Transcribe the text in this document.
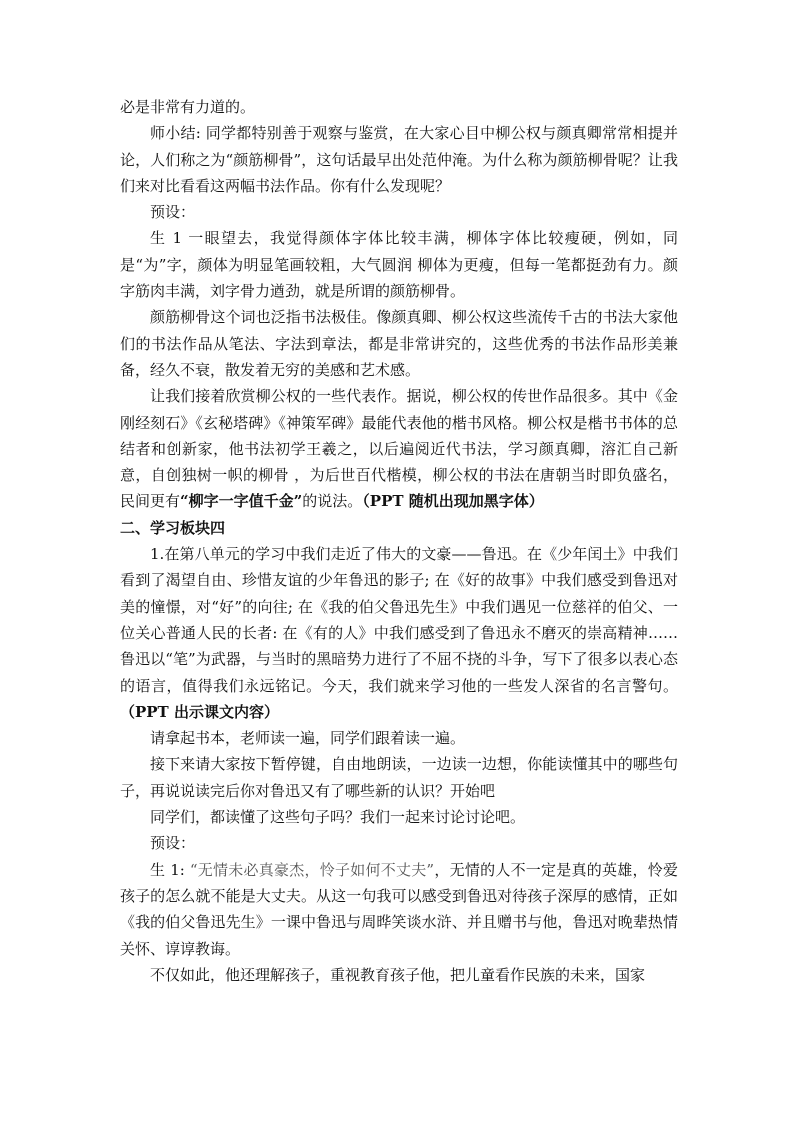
必是非常有力道的。

师小结: 同学都特别善于观察与鉴赏，在大家心目中柳公权与颜真卿常常相提并论，人们称之为“颜筋柳骨”，这句话最早出处范仲淹。为什么称为颜筋柳骨呢？让我们来对比看看这两幅书法作品。你有什么发现呢？

预设：

生 1 一眼望去，我觉得颜体字体比较丰满，柳体字体比较瘦硬，例如，同是“为”字，颜体为明显笔画较粗，大气圆润 柳体为更瘦，但每一笔都挺劲有力。颜字筋肉丰满，刘字骨力遒劲，就是所谓的颜筋柳骨。

颜筋柳骨这个词也泛指书法极佳。像颜真卿、柳公权这些流传千古的书法大家他们的书法作品从笔法、字法到章法，都是非常讲究的，这些优秀的书法作品形美兼备，经久不衰，散发着无穷的美感和艺术感。

让我们接着欣赏柳公权的一些代表作。据说，柳公权的传世作品很多。其中《金刚经刻石》《玄秘塔碑》《神策军碑》最能代表他的楷书风格。柳公权是楷书书体的总结者和创新家，他书法初学王羲之，以后遍阅近代书法，学习颜真卿，溶汇自己新意，自创独树一帜的柳骨 ，为后世百代楷模，柳公权的书法在唐朝当时即负盛名，民间更有“柳字一字值千金”的说法。（PPT 随机出现加黑字体）

二、学习板块四

1.在第八单元的学习中我们走近了伟大的文豪——鲁迅。在《少年闰土》中我们看到了渴望自由、珍惜友谊的少年鲁迅的影子; 在《好的故事》中我们感受到鲁迅对美的憧憬，对“好”的向往; 在《我的伯父鲁迅先生》中我们遇见一位慈祥的伯父、一位关心普通人民的长者: 在《有的人》中我们感受到了鲁迅永不磨灭的崇高精神……鲁迅以“笔”为武器，与当时的黑暗势力进行了不屈不挠的斗争，写下了很多以表心态的语言，值得我们永远铭记。今天，我们就来学习他的一些发人深省的名言警句。（PPT 出示课文内容）

请拿起书本，老师读一遍，同学们跟着读一遍。

接下来请大家按下暂停键，自由地朗读，一边读一边想，你能读懂其中的哪些句子，再说说读完后你对鲁迅又有了哪些新的认识？开始吧

同学们，都读懂了这些句子吗？我们一起来讨论讨论吧。

预设：

生 1: “无情未必真豪杰，怜子如何不丈夫”，无情的人不一定是真的英雄，怜爱孩子的怎么就不能是大丈夫。从这一句我可以感受到鲁迅对待孩子深厚的感情，正如《我的伯父鲁迅先生》一课中鲁迅与周晔笑谈水浒、并且赠书与他，鲁迅对晚辈热情关怀、谆谆教诲。

不仅如此，他还理解孩子，重视教育孩子他，把儿童看作民族的未来，国家
